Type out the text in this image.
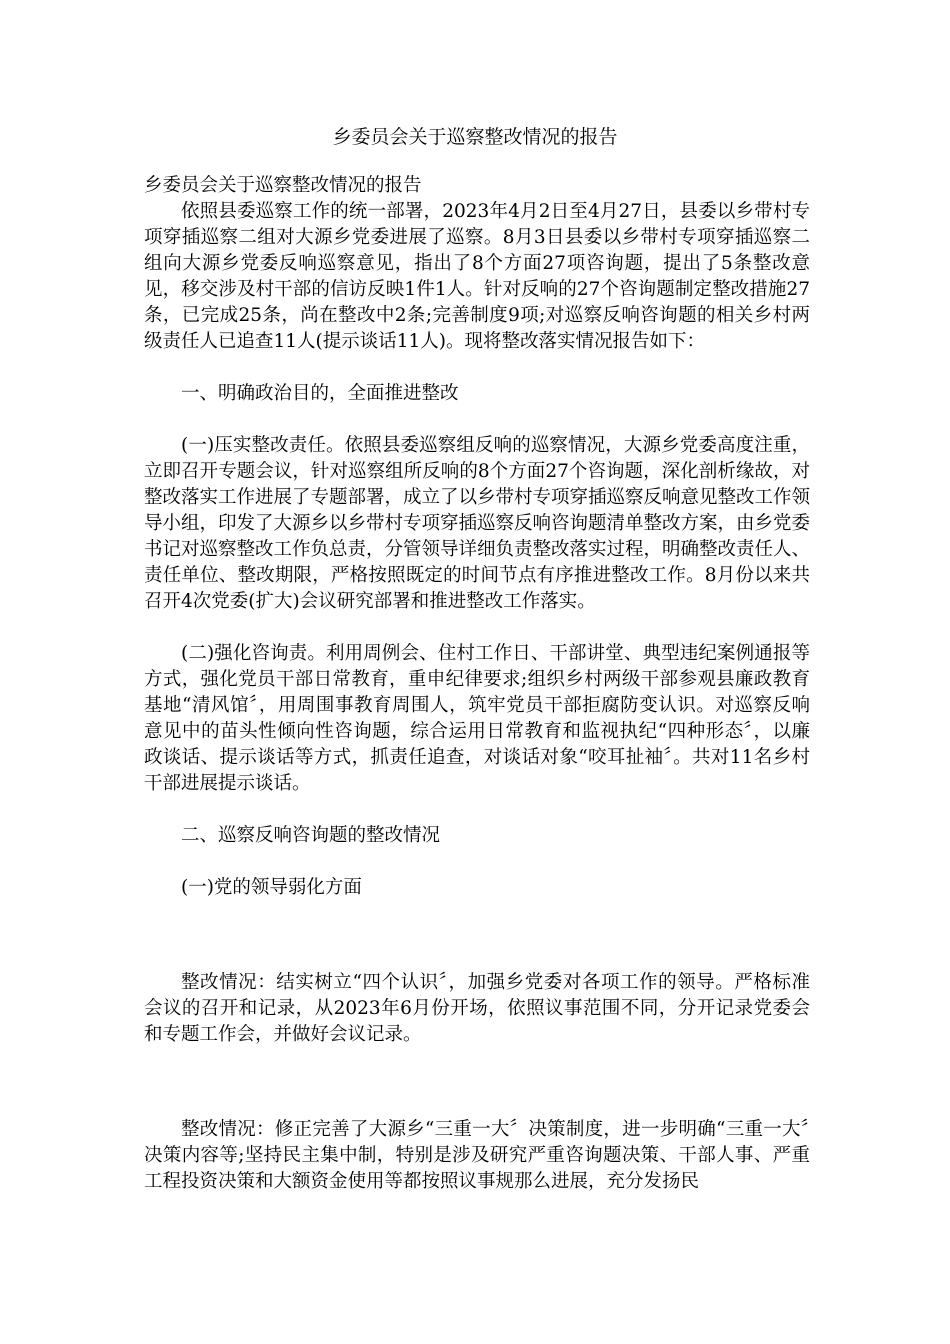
乡委员会关于巡察整改情况的报告

乡委员会关于巡察整改情况的报告

依照县委巡察工作的统一部署，2023年4月2日至4月27日，县委以乡带村专项穿插巡察二组对大源乡党委进展了巡察。8月3日县委以乡带村专项穿插巡察二组向大源乡党委反响巡察意见，指出了8个方面27项咨询题，提出了5条整改意见，移交涉及村干部的信访反映1件1人。针对反响的27个咨询题制定整改措施27条，已完成25条，尚在整改中2条;完善制度9项;对巡察反响咨询题的相关乡村两级责任人已追查11人(提示谈话11人)。现将整改落实情况报告如下：

一、明确政治目的，全面推进整改

(一)压实整改责任。依照县委巡察组反响的巡察情况，大源乡党委高度注重，立即召开专题会议，针对巡察组所反响的8个方面27个咨询题，深化剖析缘故，对整改落实工作进展了专题部署，成立了以乡带村专项穿插巡察反响意见整改工作领导小组，印发了大源乡以乡带村专项穿插巡察反响咨询题清单整改方案，由乡党委书记对巡察整改工作负总责，分管领导详细负责整改落实过程，明确整改责任人、责任单位、整改期限，严格按照既定的时间节点有序推进整改工作。8月份以来共召开4次党委(扩大)会议研究部署和推进整改工作落实。

(二)强化咨询责。利用周例会、住村工作日、干部讲堂、典型违纪案例通报等方式，强化党员干部日常教育，重申纪律要求;组织乡村两级干部参观县廉政教育基地“清风馆〞，用周围事教育周围人，筑牢党员干部拒腐防变认识。对巡察反响意见中的苗头性倾向性咨询题，综合运用日常教育和监视执纪“四种形态〞，以廉政谈话、提示谈话等方式，抓责任追查，对谈话对象“咬耳扯袖〞。共对11名乡村干部进展提示谈话。

二、巡察反响咨询题的整改情况

(一)党的领导弱化方面

整改情况：结实树立“四个认识〞，加强乡党委对各项工作的领导。严格标准会议的召开和记录，从2023年6月份开场，依照议事范围不同，分开记录党委会和专题工作会，并做好会议记录。

整改情况：修正完善了大源乡“三重一大〞决策制度，进一步明确“三重一大〞决策内容等;坚持民主集中制，特别是涉及研究严重咨询题决策、干部人事、严重工程投资决策和大额资金使用等都按照议事规那么进展，充分发扬民
